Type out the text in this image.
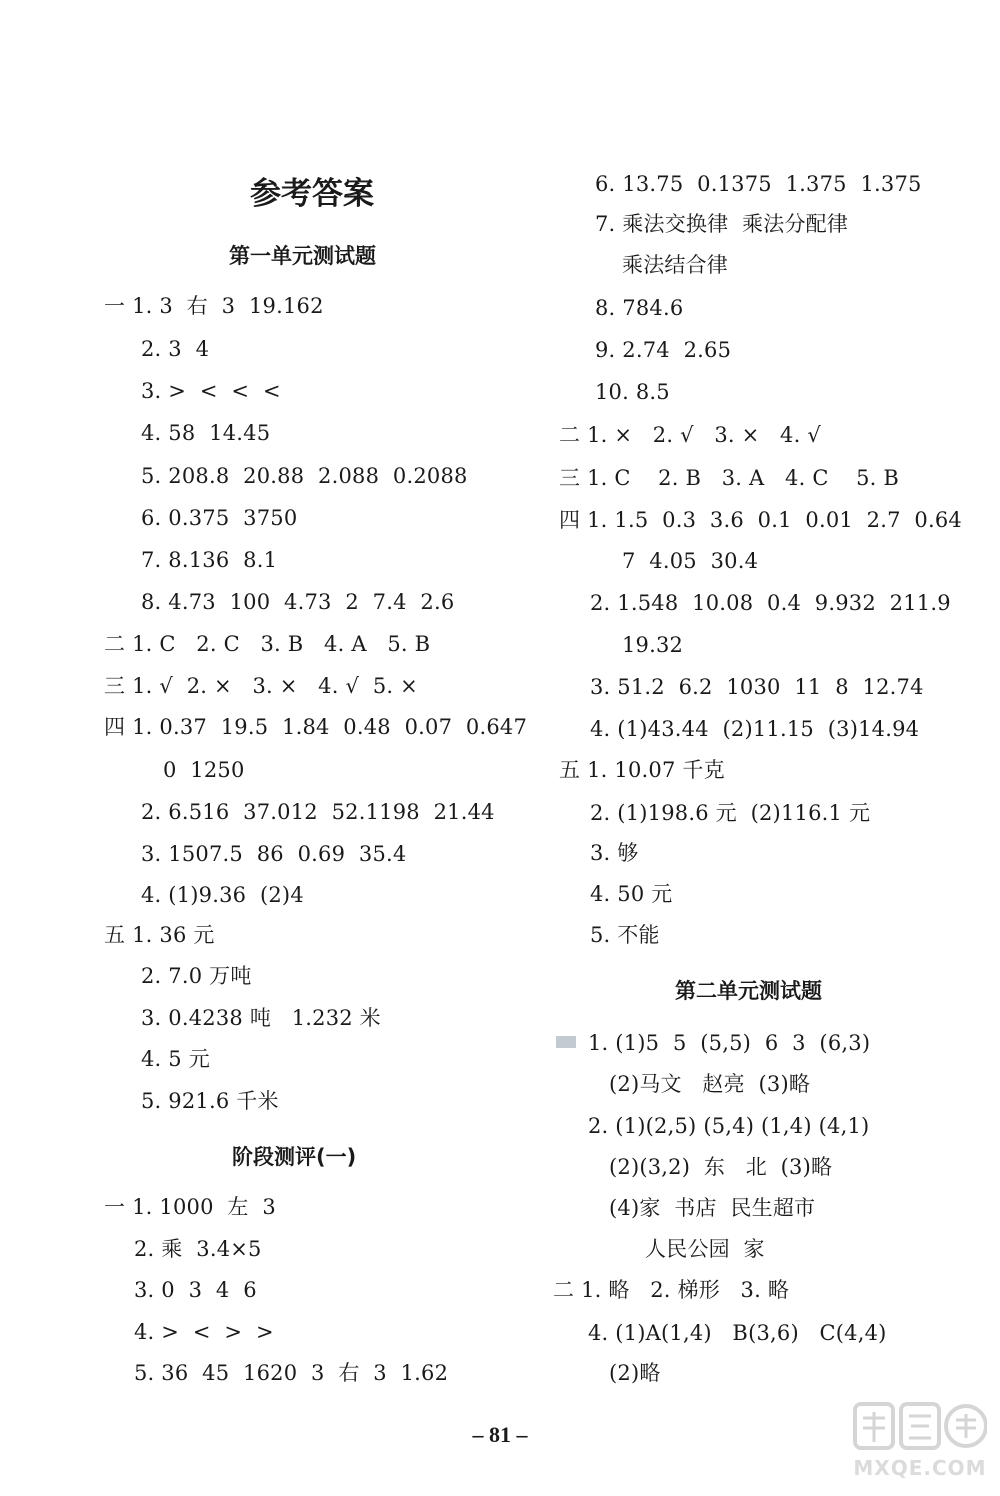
参考答案
第一单元测试题
阶段测评(一)
第二单元测试题
一 1. 3  右  3  19.162
2. 3  4
3. >  <  <  <
4. 58  14.45
5. 208.8  20.88  2.088  0.2088
6. 0.375  3750
7. 8.136  8.1
8. 4.73  100  4.73  2  7.4  2.6
二 1. C   2. C   3. B   4. A   5. B
三 1. √  2. ×   3. ×   4. √  5. ×
四 1. 0.37  19.5  1.84  0.48  0.07  0.647
0  1250
2. 6.516  37.012  52.1198  21.44
3. 1507.5  86  0.69  35.4
4. (1)9.36  (2)4
五 1. 36 元
2. 7.0 万吨
3. 0.4238 吨   1.232 米
4. 5 元
5. 921.6 千米
一 1. 1000  左  3
2. 乘  3.4×5
3. 0  3  4  6
4. >  <  >  >
5. 36  45  1620  3  右  3  1.62
6. 13.75  0.1375  1.375  1.375
7. 乘法交换律  乘法分配律
乘法结合律
8. 784.6
9. 2.74  2.65
10. 8.5
二 1. ×   2. √   3. ×   4. √
三 1. C    2. B   3. A   4. C    5. B
四 1. 1.5  0.3  3.6  0.1  0.01  2.7  0.64
7  4.05  30.4
2. 1.548  10.08  0.4  9.932  211.9
19.32
3. 51.2  6.2  1030  11  8  12.74
4. (1)43.44  (2)11.15  (3)14.94
五 1. 10.07 千克
2. (1)198.6 元  (2)116.1 元
3. 够
4. 50 元
5. 不能
1. (1)5  5  (5,5)  6  3  (6,3)
(2)马文   赵亮  (3)略
2. (1)(2,5) (5,4) (1,4) (4,1)
(2)(3,2)  东   北  (3)略
(4)家  书店  民生超市
人民公园  家
二 1. 略   2. 梯形   3. 略
4. (1)A(1,4)   B(3,6)   C(4,4)
(2)略
– 81 –
MXQE.COM
